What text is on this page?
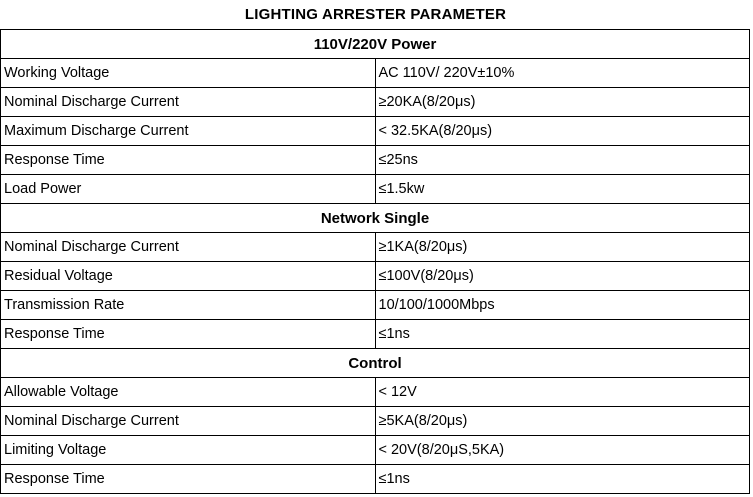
LIGHTING ARRESTER PARAMETER
110V/220V Power	
Working Voltage	AC 110V/ 220V±10%
Nominal Discharge Current	≥20KA(8/20μs)
Maximum Discharge Current	< 32.5KA(8/20μs)
Response Time	≤25ns
Load Power	≤1.5kw
Network Single	
Nominal Discharge Current	≥1KA(8/20μs)
Residual Voltage	≤100V(8/20μs)
Transmission Rate	10/100/1000Mbps
Response Time	≤1ns
Control	
Allowable Voltage	< 12V
Nominal Discharge Current	≥5KA(8/20μs)
Limiting Voltage	< 20V(8/20μS,5KA)
Response Time	≤1ns
